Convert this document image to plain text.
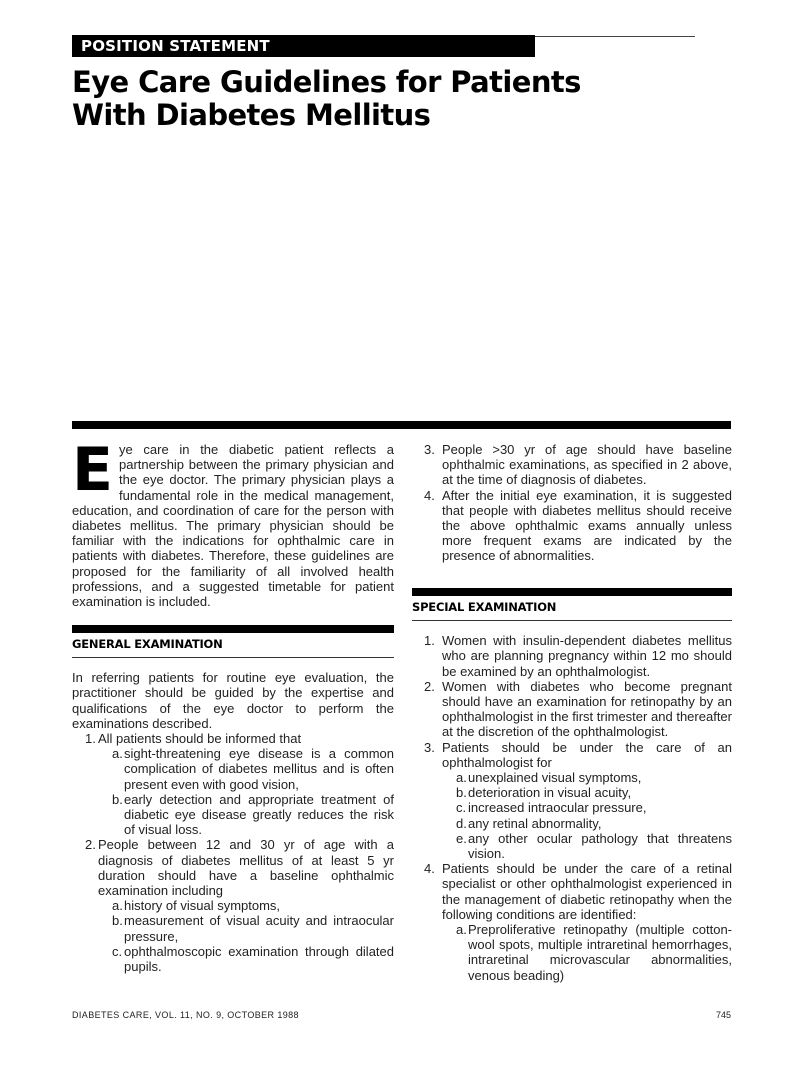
POSITION STATEMENT
Eye Care Guidelines for Patients
With Diabetes Mellitus
E ye care in the diabetic patient reflects a partnership between the primary physician and the eye doctor. The primary physician plays a fundamental role in the medical management, education, and coordination of care for the person with diabetes mellitus. The primary physician should be familiar with the indications for ophthalmic care in patients with diabetes. Therefore, these guidelines are proposed for the familiarity of all involved health professions, and a suggested timetable for patient examination is included.
GENERAL EXAMINATION

In referring patients for routine eye evaluation, the practitioner should be guided by the expertise and qualifications of the eye doctor to perform the examinations described.

1. All patients should be informed that
a. sight-threatening eye disease is a common complication of diabetes mellitus and is often present even with good vision,
b. early detection and appropriate treatment of diabetic eye disease greatly reduces the risk of visual loss.
2. People between 12 and 30 yr of age with a diagnosis of diabetes mellitus of at least 5 yr duration should have a baseline ophthalmic examination including
a. history of visual symptoms,
b. measurement of visual acuity and intraocular pressure,
c. ophthalmoscopic examination through dilated pupils.
3. People >30 yr of age should have baseline ophthalmic examinations, as specified in 2 above, at the time of diagnosis of diabetes.
4. After the initial eye examination, it is suggested that people with diabetes mellitus should receive the above ophthalmic exams annually unless more frequent exams are indicated by the presence of abnormalities.
SPECIAL EXAMINATION
1. Women with insulin-dependent diabetes mellitus who are planning pregnancy within 12 mo should be examined by an ophthalmologist.
2. Women with diabetes who become pregnant should have an examination for retinopathy by an ophthalmologist in the first trimester and thereafter at the discretion of the ophthalmologist.
3. Patients should be under the care of an ophthalmologist for
a. unexplained visual symptoms,
b. deterioration in visual acuity,
c. increased intraocular pressure,
d. any retinal abnormality,
e. any other ocular pathology that threatens vision.
4. Patients should be under the care of a retinal specialist or other ophthalmologist experienced in the management of diabetic retinopathy when the following conditions are identified:
a. Preproliferative retinopathy (multiple cotton-wool spots, multiple intraretinal hemorrhages, intraretinal microvascular abnormalities, venous beading)
DIABETES CARE, VOL. 11, NO. 9, OCTOBER 1988	745
